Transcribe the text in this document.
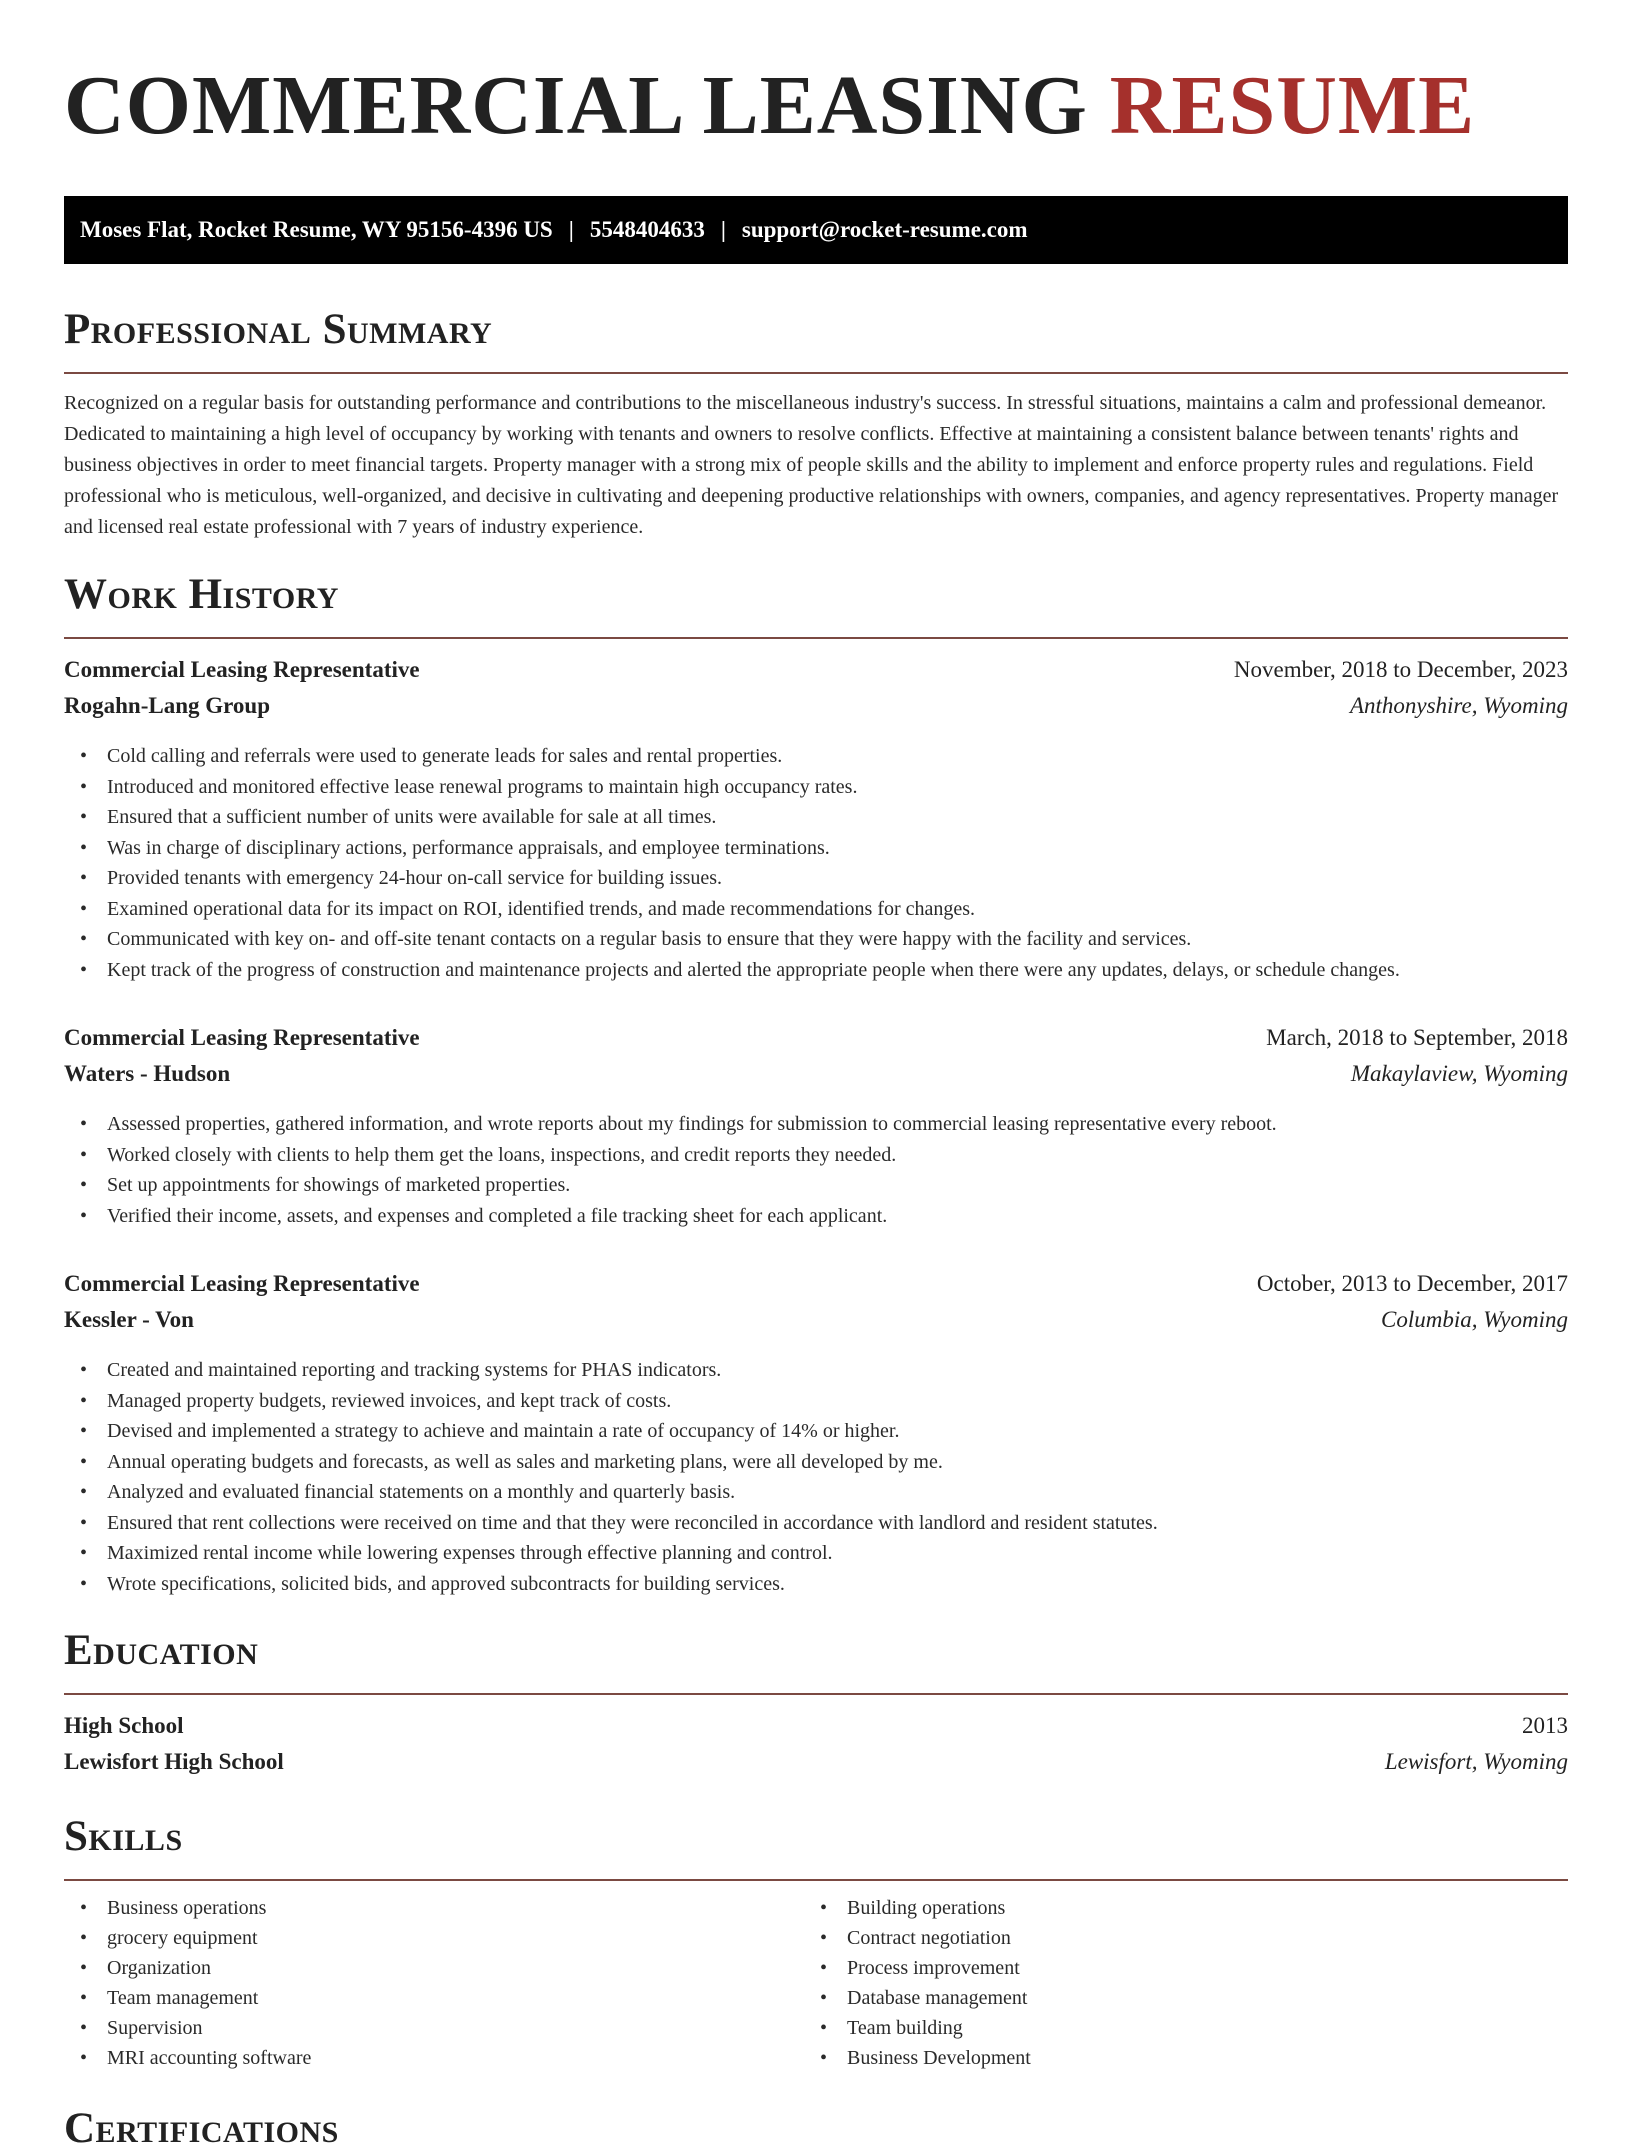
COMMERCIAL LEASING RESUME
Moses Flat, Rocket Resume, WY 95156-4396 US | 5548404633 | support@rocket-resume.com
Professional Summary

Recognized on a regular basis for outstanding performance and contributions to the miscellaneous industry's success. In stressful situations, maintains a calm and professional demeanor. Dedicated to maintaining a high level of occupancy by working with tenants and owners to resolve conflicts. Effective at maintaining a consistent balance between tenants' rights and business objectives in order to meet financial targets. Property manager with a strong mix of people skills and the ability to implement and enforce property rules and regulations. Field professional who is meticulous, well-organized, and decisive in cultivating and deepening productive relationships with owners, companies, and agency representatives. Property manager and licensed real estate professional with 7 years of industry experience.

Work History
Commercial Leasing Representative	November, 2018 to December, 2023
Rogahn-Lang Group	Anthonyshire, Wyoming
• Cold calling and referrals were used to generate leads for sales and rental properties.
• Introduced and monitored effective lease renewal programs to maintain high occupancy rates.
• Ensured that a sufficient number of units were available for sale at all times.
• Was in charge of disciplinary actions, performance appraisals, and employee terminations.
• Provided tenants with emergency 24-hour on-call service for building issues.
• Examined operational data for its impact on ROI, identified trends, and made recommendations for changes.
• Communicated with key on- and off-site tenant contacts on a regular basis to ensure that they were happy with the facility and services.
• Kept track of the progress of construction and maintenance projects and alerted the appropriate people when there were any updates, delays, or schedule changes.
Commercial Leasing Representative	March, 2018 to September, 2018
Waters - Hudson	Makaylaview, Wyoming
• Assessed properties, gathered information, and wrote reports about my findings for submission to commercial leasing representative every reboot.
• Worked closely with clients to help them get the loans, inspections, and credit reports they needed.
• Set up appointments for showings of marketed properties.
• Verified their income, assets, and expenses and completed a file tracking sheet for each applicant.
Commercial Leasing Representative	October, 2013 to December, 2017
Kessler - Von	Columbia, Wyoming
• Created and maintained reporting and tracking systems for PHAS indicators.
• Managed property budgets, reviewed invoices, and kept track of costs.
• Devised and implemented a strategy to achieve and maintain a rate of occupancy of 14% or higher.
• Annual operating budgets and forecasts, as well as sales and marketing plans, were all developed by me.
• Analyzed and evaluated financial statements on a monthly and quarterly basis.
• Ensured that rent collections were received on time and that they were reconciled in accordance with landlord and resident statutes.
• Maximized rental income while lowering expenses through effective planning and control.
• Wrote specifications, solicited bids, and approved subcontracts for building services.
Education
High School	2013
Lewisfort High School	Lewisfort, Wyoming
Skills
• Business operations
• grocery equipment
• Organization
• Team management
• Supervision
• MRI accounting software
• Building operations
• Contract negotiation
• Process improvement
• Database management
• Team building
• Business Development
Certifications
